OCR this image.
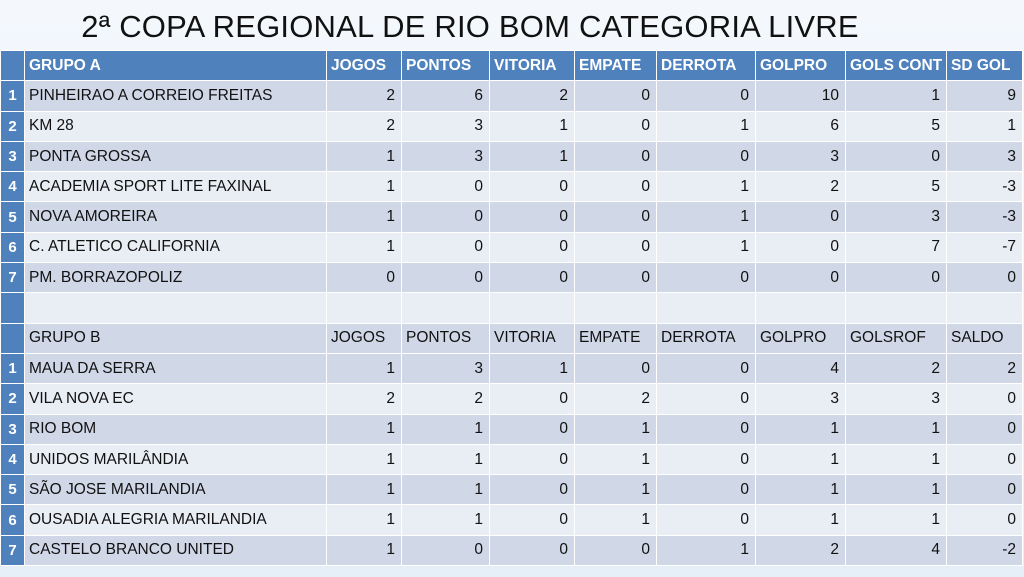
2ª COPA REGIONAL DE RIO BOM CATEGORIA LIVRE
	GRUPO A	JOGOS	PONTOS	VITORIA	EMPATE	DERROTA	GOLPRO	GOLS CONT	SD GOL
1	PINHEIRAO A CORREIO FREITAS	2	6	2	0	0	10	1	9
2	KM 28	2	3	1	0	1	6	5	1
3	PONTA GROSSA	1	3	1	0	0	3	0	3
4	ACADEMIA SPORT LITE FAXINAL	1	0	0	0	1	2	5	-3
5	NOVA AMOREIRA	1	0	0	0	1	0	3	-3
6	C. ATLETICO CALIFORNIA	1	0	0	0	1	0	7	-7
7	PM. BORRAZOPOLIZ	0	0	0	0	0	0	0	0

	GRUPO B	JOGOS	PONTOS	VITORIA	EMPATE	DERROTA	GOLPRO	GOLSROF	SALDO
1	MAUA DA SERRA	1	3	1	0	0	4	2	2
2	VILA NOVA EC	2	2	0	2	0	3	3	0
3	RIO BOM	1	1	0	1	0	1	1	0
4	UNIDOS MARILÂNDIA	1	1	0	1	0	1	1	0
5	SÃO JOSE MARILANDIA	1	1	0	1	0	1	1	0
6	OUSADIA ALEGRIA MARILANDIA	1	1	0	1	0	1	1	0
7	CASTELO BRANCO UNITED	1	0	0	0	1	2	4	-2
